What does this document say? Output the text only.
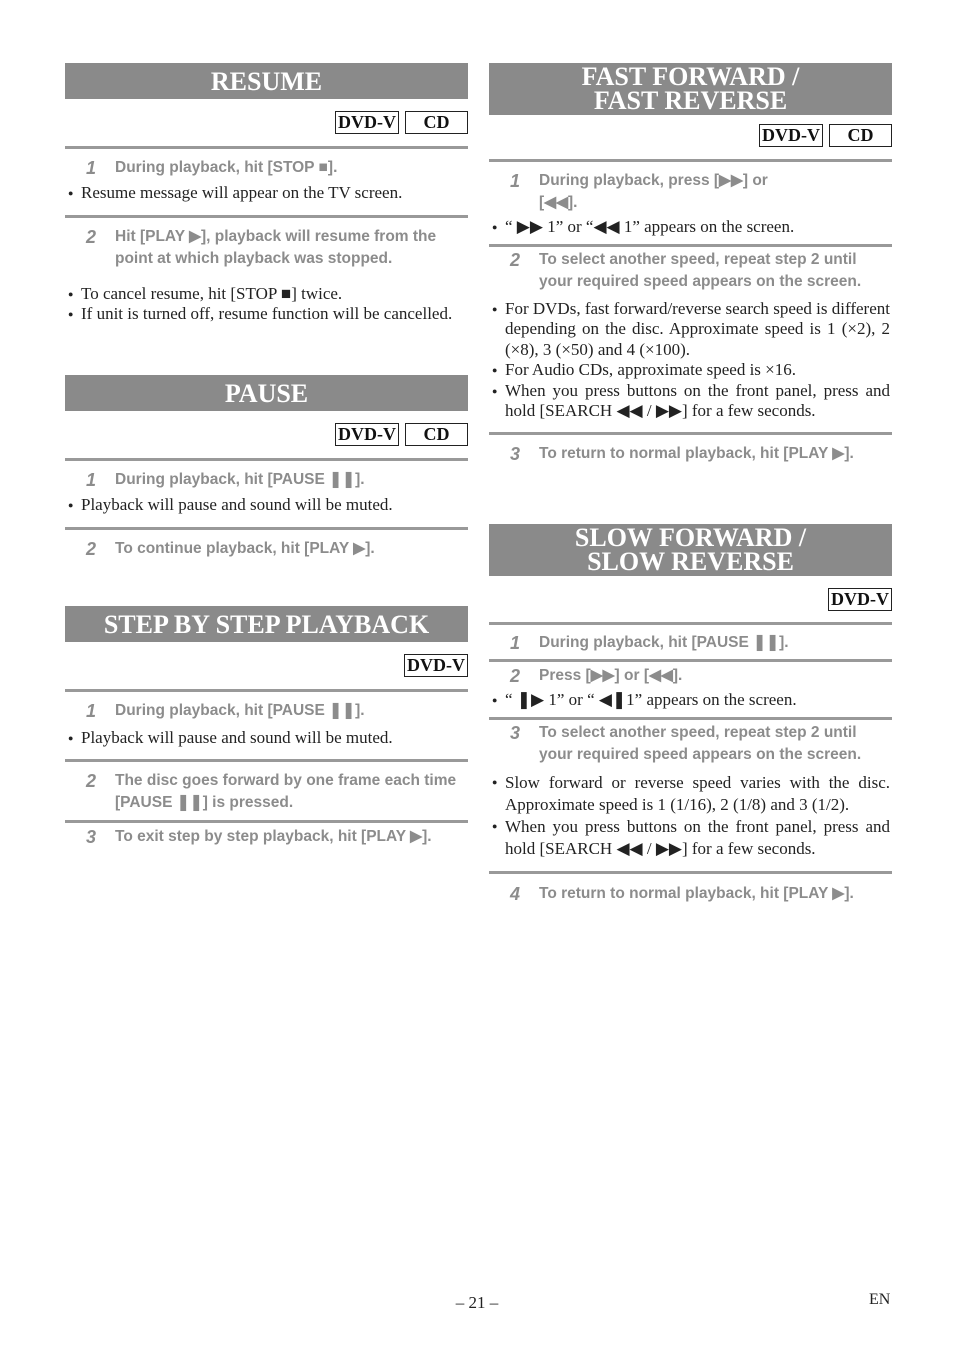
RESUME
DVD-V CD
1 During playback, hit [STOP ■].
● Resume message will appear on the TV screen.
2 Hit [PLAY ▶], playback will resume from the point at which playback was stopped.
● To cancel resume, hit [STOP ■] twice.
● If unit is turned off, resume function will be cancelled.
PAUSE
DVD-V CD
1 During playback, hit [PAUSE ❚❚].
● Playback will pause and sound will be muted.
2 To continue playback, hit [PLAY ▶].
STEP BY STEP PLAYBACK
DVD-V
1 During playback, hit [PAUSE ❚❚].
● Playback will pause and sound will be muted.
2 The disc goes forward by one frame each time [PAUSE ❚❚] is pressed.
3 To exit step by step playback, hit [PLAY ▶].
FAST FORWARD /
FAST REVERSE
DVD-V CD
1 During playback, press [▶▶] or [◀◀].
● “ ▶▶ 1” or “◀◀ 1” appears on the screen.
2 To select another speed, repeat step 2 until your required speed appears on the screen.
● For DVDs, fast forward/reverse search speed is different depending on the disc. Approximate speed is 1 (×2), 2 (×8), 3 (×50) and 4 (×100).
● For Audio CDs, approximate speed is ×16.
● When you press buttons on the front panel, press and hold [SEARCH ◀◀ / ▶▶] for a few seconds.
3 To return to normal playback, hit [PLAY ▶].
SLOW FORWARD /
SLOW REVERSE
DVD-V
1 During playback, hit [PAUSE ❚❚].
2 Press [▶▶] or [◀◀].
● “ ❚▶ 1” or “ ◀❚1” appears on the screen.
3 To select another speed, repeat step 2 until your required speed appears on the screen.
● Slow forward or reverse speed varies with the disc. Approximate speed is 1 (1/16), 2 (1/8) and 3 (1/2).
● When you press buttons on the front panel, press and hold [SEARCH ◀◀ / ▶▶] for a few seconds.
4 To return to normal playback, hit [PLAY ▶].
– 21 –	EN
